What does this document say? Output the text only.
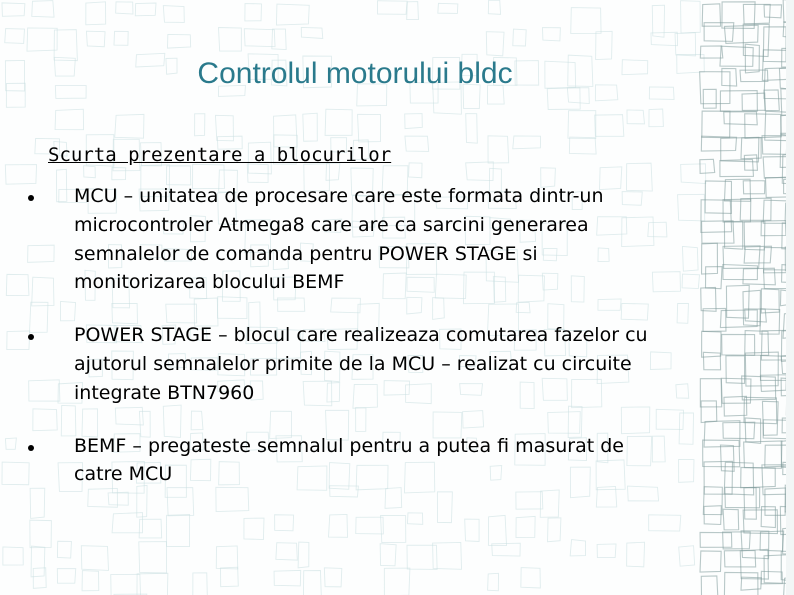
Controlul motorului bldc
Scurta prezentare a blocurilor
MCU – unitatea de procesare care este formata dintr-un microcontroler Atmega8 care are ca sarcini generarea semnalelor de comanda pentru POWER STAGE si monitorizarea blocului BEMF
POWER STAGE – blocul care realizeaza comutarea fazelor cu ajutorul semnalelor primite de la MCU – realizat cu circuite integrate BTN7960
BEMF – pregateste semnalul pentru a putea fi masurat de catre MCU
